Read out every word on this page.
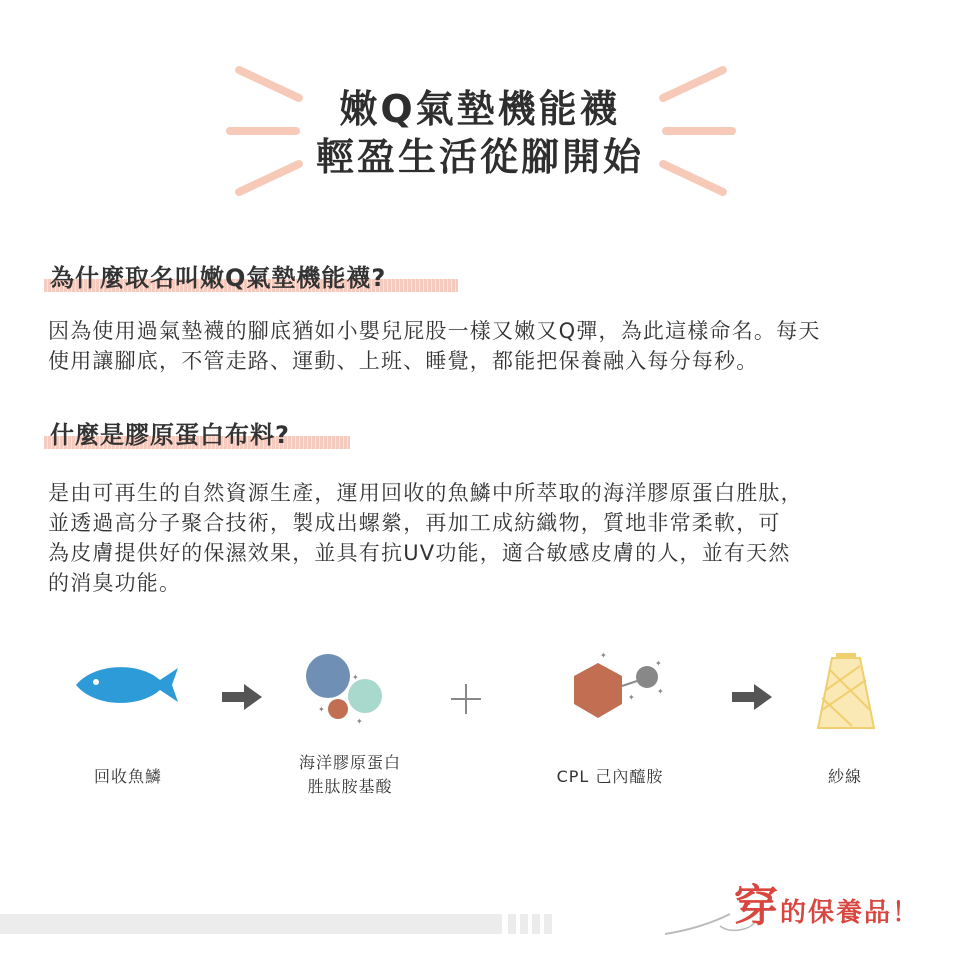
嫩Q氣墊機能襪
輕盈生活從腳開始
為什麼取名叫嫩Q氣墊機能襪?
因為使用過氣墊襪的腳底猶如小嬰兒屁股一樣又嫩又Q彈，為此這樣命名。每天
使用讓腳底，不管走路、運動、上班、睡覺，都能把保養融入每分每秒。
什麼是膠原蛋白布料?
是由可再生的自然資源生產，運用回收的魚鱗中所萃取的海洋膠原蛋白胜肽，
並透過高分子聚合技術，製成出螺縈，再加工成紡織物，質地非常柔軟，可
為皮膚提供好的保濕效果，並具有抗UV功能，適合敏感皮膚的人，並有天然
的消臭功能。
✦
✦
✦
✦
✦
✦
✦
回收魚鱗
海洋膠原蛋白
胜肽胺基酸
CPL 己內醯胺	紗線
穿的保養品！
